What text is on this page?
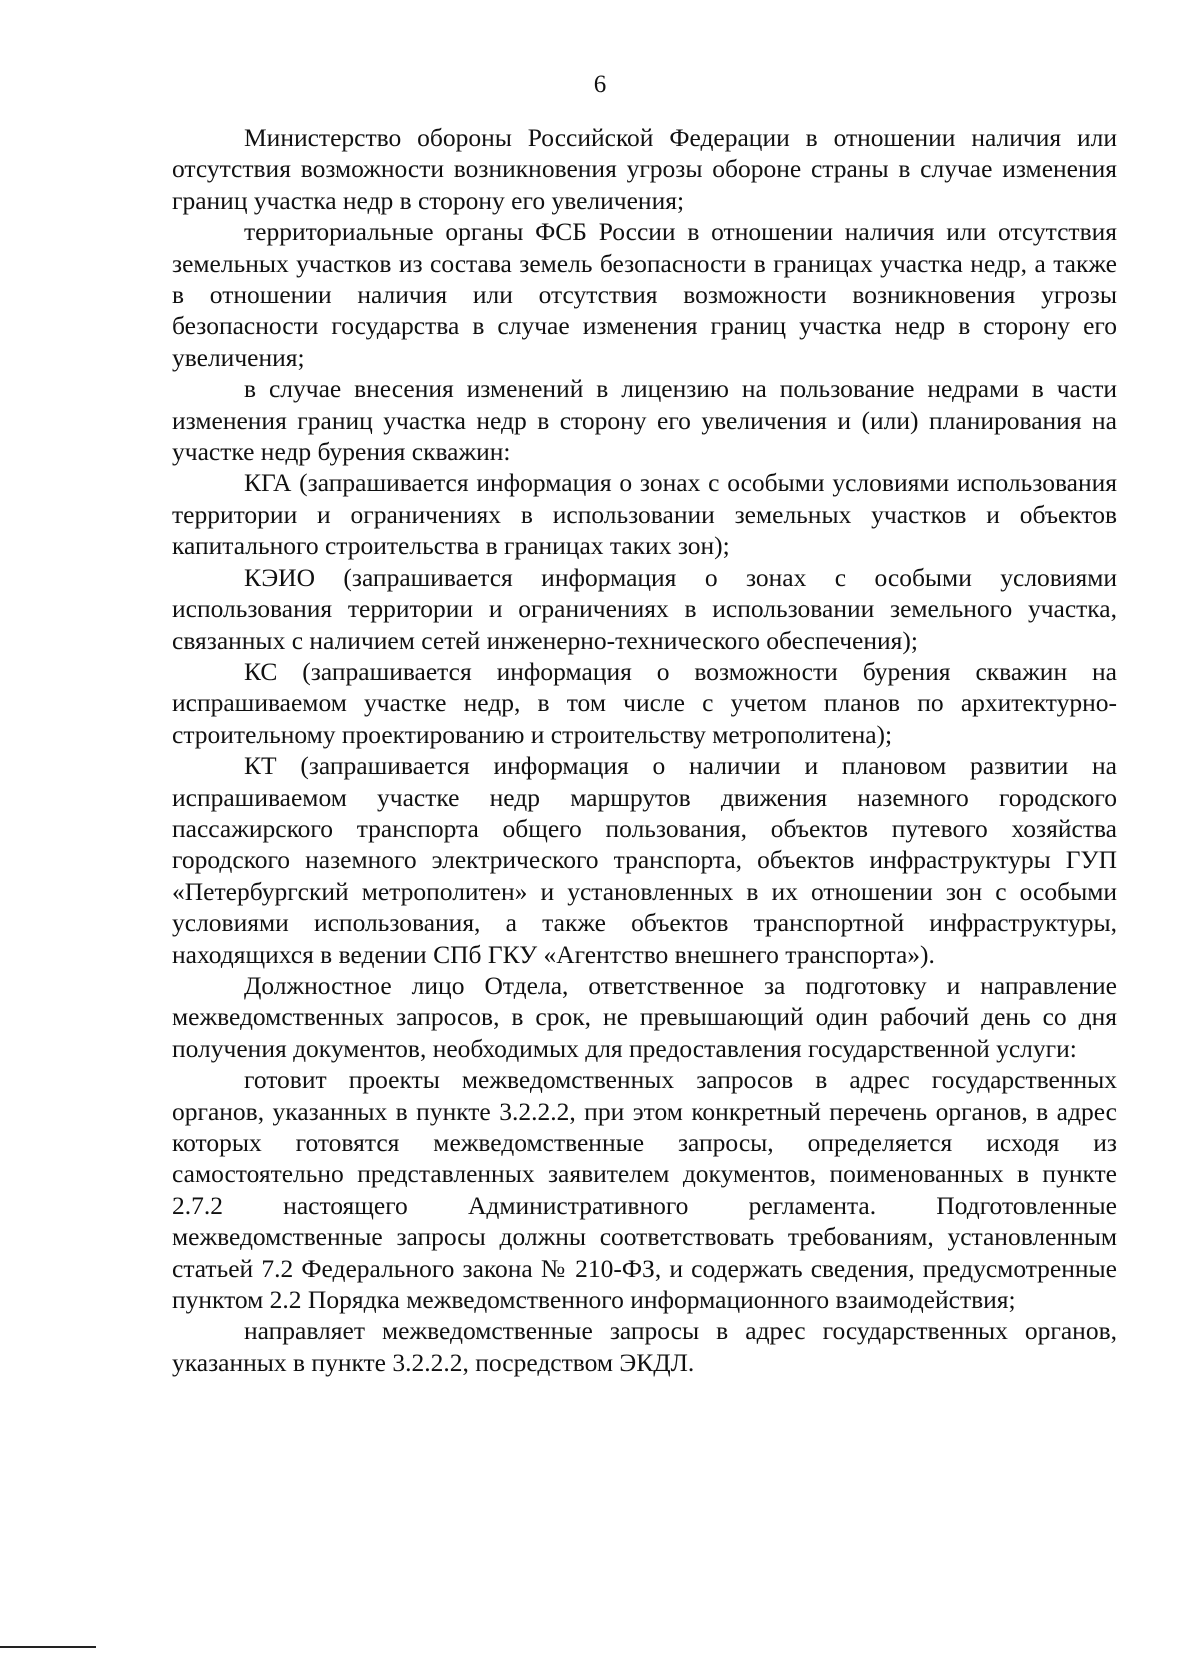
6

Министерство обороны Российской Федерации в отношении наличия или отсутствия возможности возникновения угрозы обороне страны в случае изменения границ участка недр в сторону его увеличения;

территориальные органы ФСБ России в отношении наличия или отсутствия земельных участков из состава земель безопасности в границах участка недр, а также в отношении наличия или отсутствия возможности возникновения угрозы безопасности государства в случае изменения границ участка недр в сторону его увеличения;

в случае внесения изменений в лицензию на пользование недрами в части изменения границ участка недр в сторону его увеличения и (или) планирования на участке недр бурения скважин:

КГА (запрашивается информация о зонах с особыми условиями использования территории и ограничениях в использовании земельных участков и объектов капитального строительства в границах таких зон);

КЭИО (запрашивается информация о зонах с особыми условиями использования территории и ограничениях в использовании земельного участка, связанных с наличием сетей инженерно-технического обеспечения);

КС (запрашивается информация о возможности бурения скважин на испрашиваемом участке недр, в том числе с учетом планов по архитектурно-строительному проектированию и строительству метрополитена);

КТ (запрашивается информация о наличии и плановом развитии на испрашиваемом участке недр маршрутов движения наземного городского пассажирского транспорта общего пользования, объектов путевого хозяйства городского наземного электрического транспорта, объектов инфраструктуры ГУП «Петербургский метрополитен» и установленных в их отношении зон с особыми условиями использования, а также объектов транспортной инфраструктуры, находящихся в ведении СПб ГКУ «Агентство внешнего транспорта»).

Должностное лицо Отдела, ответственное за подготовку и направление межведомственных запросов, в срок, не превышающий один рабочий день со дня получения документов, необходимых для предоставления государственной услуги:

готовит проекты межведомственных запросов в адрес государственных органов, указанных в пункте 3.2.2.2, при этом конкретный перечень органов, в адрес которых готовятся межведомственные запросы, определяется исходя из самостоятельно представленных заявителем документов, поименованных в пункте 2.7.2 настоящего Административного регламента. Подготовленные межведомственные запросы должны соответствовать требованиям, установленным статьей 7.2 Федерального закона № 210-ФЗ, и содержать сведения, предусмотренные пунктом 2.2 Порядка межведомственного информационного взаимодействия;

направляет межведомственные запросы в адрес государственных органов, указанных в пункте 3.2.2.2, посредством ЭКДЛ.
